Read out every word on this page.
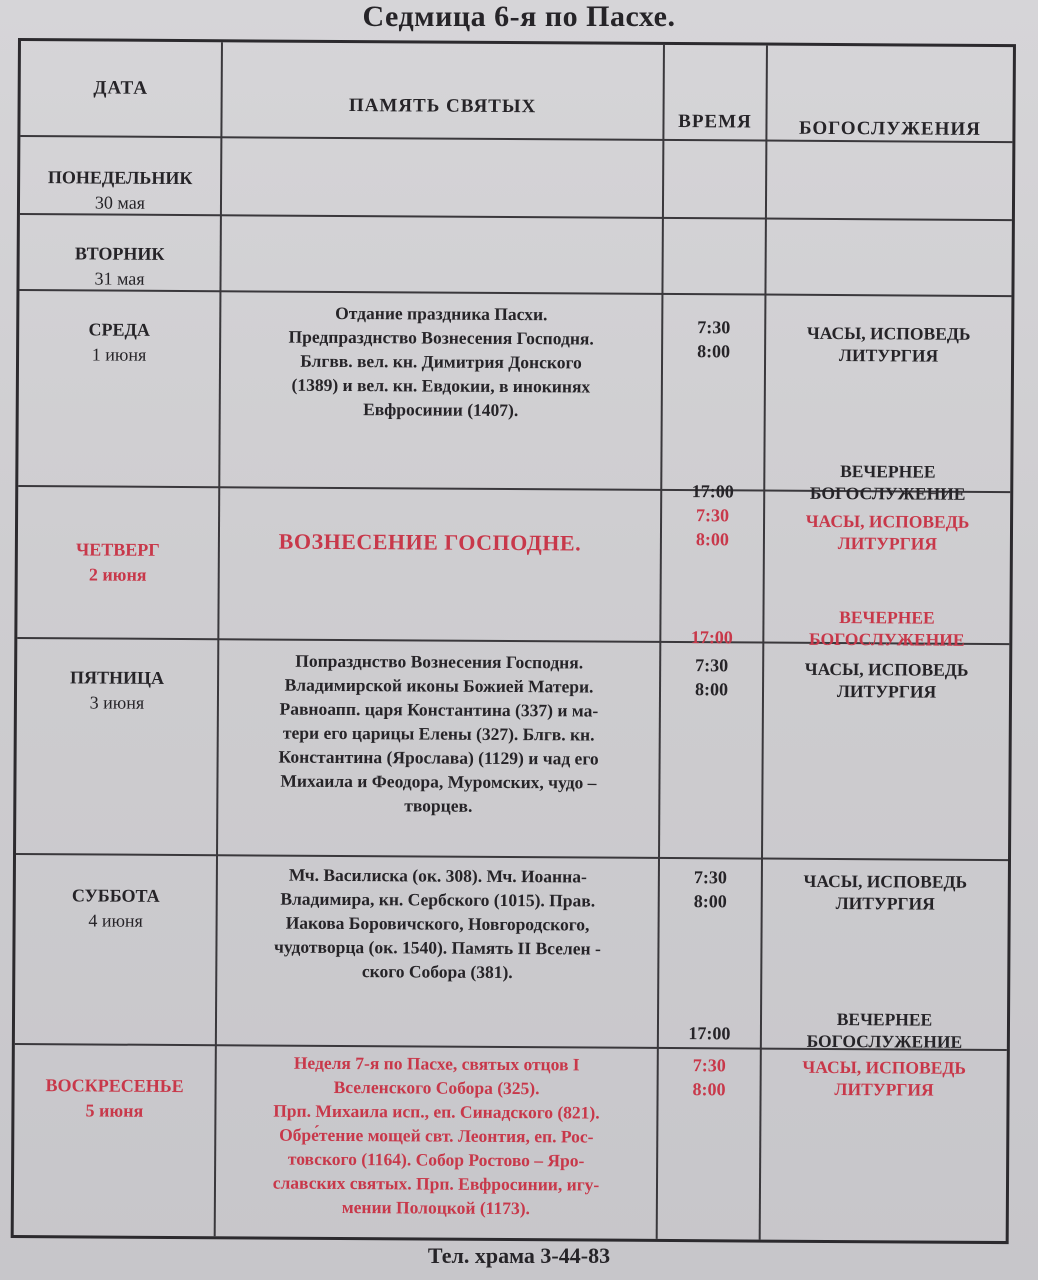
Седмица 6-я по Пасхе.
ДАТА
ПАМЯТЬ СВЯТЫХ
ВРЕМЯ	БОГОСЛУЖЕНИЯ
ПОНЕДЕЛЬНИК
30 мая
ВТОРНИК
31 мая
СРЕДА
1 июня
Отдание праздника Пасхи.
Предпразднство Вознесения Господня.
Блгвв. вел. кн. Димитрия Донского
(1389) и вел. кн. Евдокии, в инокинях
Евфросинии (1407).
7:30
8:00
17:00
ЧАСЫ, ИСПОВЕДЬ
ЛИТУРГИЯ
ВЕЧЕРНЕЕ
БОГОСЛУЖЕНИЕ
ЧЕТВЕРГ
2 июня
ВОЗНЕСЕНИЕ ГОСПОДНЕ.
7:30
8:00
17:00
ЧАСЫ, ИСПОВЕДЬ
ЛИТУРГИЯ
ВЕЧЕРНЕЕ
БОГОСЛУЖЕНИЕ
ПЯТНИЦА
3 июня
Попразднство Вознесения Господня.
Владимирской иконы Божией Матери.
Равноапп. царя Константина (337) и ма-
тери его царицы Елены (327). Блгв. кн.
Константина (Ярослава) (1129) и чад его
Михаила и Феодора, Муромских, чудо –
творцев.
7:30
8:00
ЧАСЫ, ИСПОВЕДЬ
ЛИТУРГИЯ
СУББОТА
4 июня
Мч. Василиска (ок. 308). Мч. Иоанна-
Владимира, кн. Сербского (1015). Прав.
Иакова Боровичского, Новгородского,
чудотворца (ок. 1540). Память II Вселен -
ского Собора (381).
7:30
8:00
17:00
ЧАСЫ, ИСПОВЕДЬ
ЛИТУРГИЯ
ВЕЧЕРНЕЕ
БОГОСЛУЖЕНИЕ
ВОСКРЕСЕНЬЕ
5 июня
Неделя 7-я по Пасхе, святых отцов I
Вселенского Собора (325).
Прп. Михаила исп., еп. Синадского (821).
Обре́тение мощей свт. Леонтия, еп. Рос-
товского (1164). Собор Ростово – Яро-
славских святых. Прп. Евфросинии, игу-
мении Полоцкой (1173).
7:30
8:00
ЧАСЫ, ИСПОВЕДЬ
ЛИТУРГИЯ
Тел. храма 3-44-83
